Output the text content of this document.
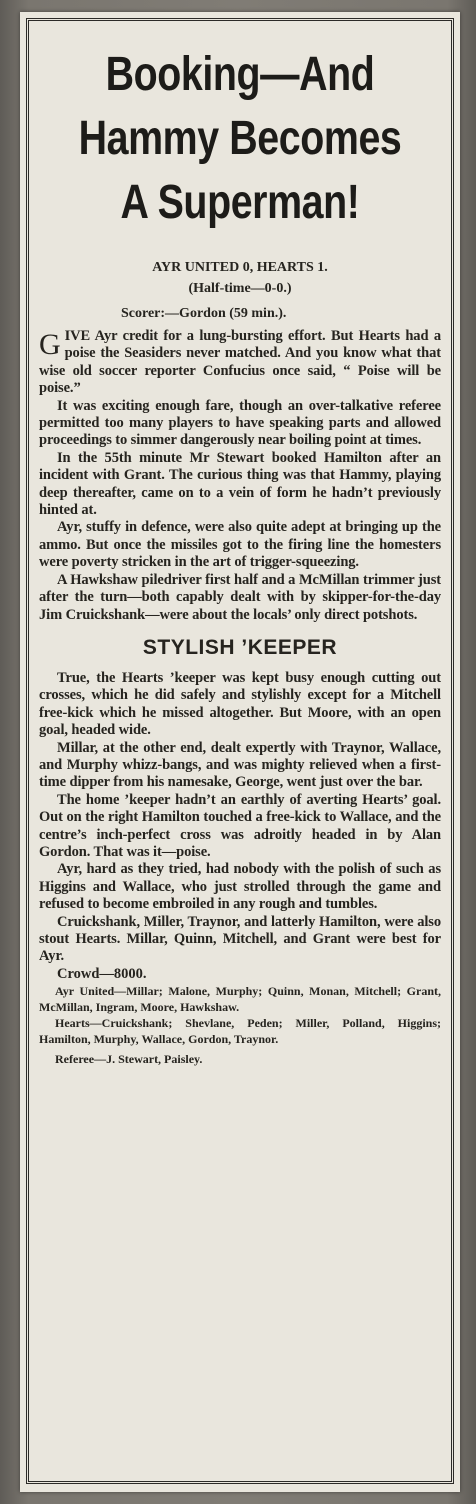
Booking—And
Hammy Becomes
A Superman!
AYR UNITED 0, HEARTS 1.
(Half-time—0-0.)
Scorer:—Gordon (59 min.).

GIVE Ayr credit for a lung-bursting effort. But Hearts had a poise the Seasiders never matched. And you know what that wise old soccer reporter Confucius once said, “ Poise will be poise.”

It was exciting enough fare, though an over-talkative referee permitted too many players to have speaking parts and allowed proceedings to simmer dangerously near boiling point at times.

In the 55th minute Mr Stewart booked Hamilton after an incident with Grant. The curious thing was that Hammy, playing deep thereafter, came on to a vein of form he hadn’t previously hinted at.

Ayr, stuffy in defence, were also quite adept at bringing up the ammo. But once the missiles got to the firing line the homesters were poverty stricken in the art of trigger-squeezing.

A Hawkshaw piledriver first half and a McMillan trimmer just after the turn—both capably dealt with by skipper-for-the-day Jim Cruickshank—were about the locals’ only direct potshots.

STYLISH ’KEEPER

True, the Hearts ’keeper was kept busy enough cutting out crosses, which he did safely and stylishly except for a Mitchell free-kick which he missed altogether. But Moore, with an open goal, headed wide.

Millar, at the other end, dealt expertly with Traynor, Wallace, and Murphy whizz-bangs, and was mighty relieved when a first-time dipper from his namesake, George, went just over the bar.

The home ’keeper hadn’t an earthly of averting Hearts’ goal. Out on the right Hamilton touched a free-kick to Wallace, and the centre’s inch-perfect cross was adroitly headed in by Alan Gordon. That was it—poise.

Ayr, hard as they tried, had nobody with the polish of such as Higgins and Wallace, who just strolled through the game and refused to become embroiled in any rough and tumbles.

Cruickshank, Miller, Traynor, and latterly Hamilton, were also stout Hearts. Millar, Quinn, Mitchell, and Grant were best for Ayr.

Crowd—8000.

Ayr United—Millar; Malone, Murphy; Quinn, Monan, Mitchell; Grant, McMillan, Ingram, Moore, Hawkshaw.

Hearts—Cruickshank; Shevlane, Peden; Miller, Polland, Higgins; Hamilton, Murphy, Wallace, Gordon, Traynor.

Referee—J. Stewart, Paisley.
